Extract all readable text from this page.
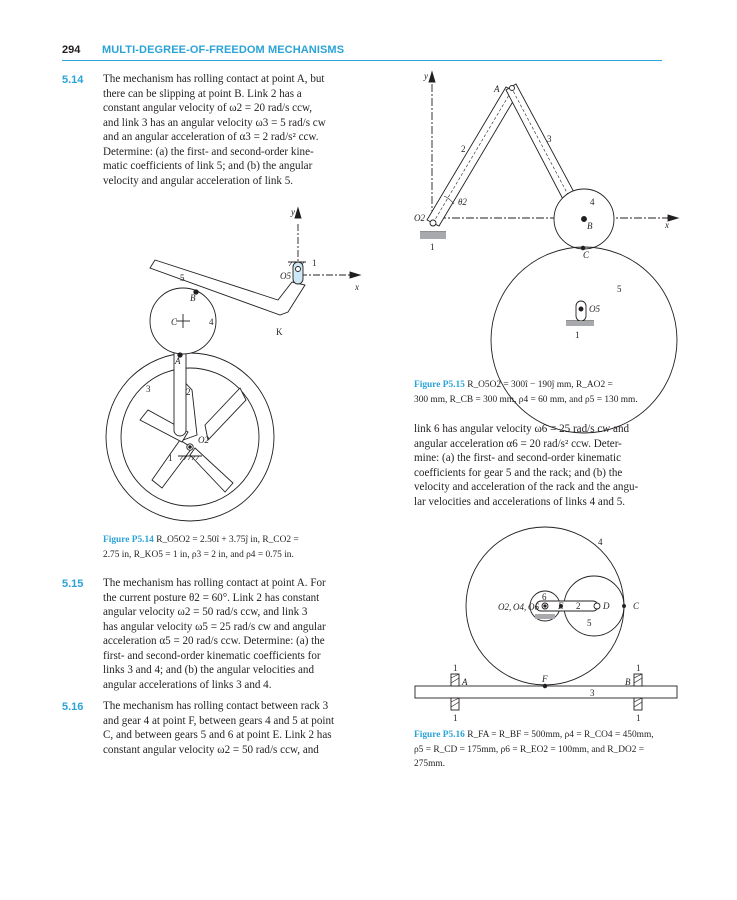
294 MULTI-DEGREE-OF-FREEDOM MECHANISMS
5.14 The mechanism has rolling contact at point A, but
there can be slipping at point B. Link 2 has a
constant angular velocity of ω2 = 20 rad/s ccw,
and link 3 has an angular velocity ω3 = 5 rad/s cw
and an angular acceleration of α3 = 2 rad/s² ccw.
Determine: (a) the first- and second-order kine-
matic coefficients of link 5; and (b) the angular
velocity and angular acceleration of link 5.
y
x
O5
1
5
B
C	4
K
A
3	2
O2
1
Figure P5.14 R_O5O2 = 2.50î + 3.75ĵ in, R_CO2 =
2.75 in, R_KO5 = 1 in, ρ3 = 2 in, and ρ4 = 0.75 in.
5.15 The mechanism has rolling contact at point A. For
the current posture θ2 = 60°. Link 2 has constant
angular velocity ω2 = 50 rad/s ccw, and link 3
has angular velocity ω5 = 25 rad/s cw and angular
acceleration α5 = 20 rad/s ccw. Determine: (a) the
first- and second-order kinematic coefficients for
links 3 and 4; and (b) the angular velocities and
angular accelerations of links 3 and 4.
5.16 The mechanism has rolling contact between rack 3
and gear 4 at point F, between gears 4 and 5 at point
C, and between gears 5 and 6 at point E. Link 2 has
constant angular velocity ω2 = 50 rad/s ccw, and
y
x
A
2
3
θ2
O2
1
4
B
C
5
O5
1
Figure P5.15 R_O5O2 = 300î − 190ĵ mm, R_AO2 =
300 mm, R_CB = 300 mm, ρ4 = 60 mm, and ρ5 = 130 mm.
link 6 has angular velocity ω6 = 25 rad/s cw and
angular acceleration α6 = 20 rad/s² ccw. Deter-
mine: (a) the first- and second-order kinematic
coefficients for gear 5 and the rack; and (b) the
velocity and acceleration of the rack and the angu-
lar velocities and accelerations of links 4 and 5.
4
6
O2, O4, O6 E 2	D	C
5
1
1
1
1
A	F	B
3
Figure P5.16 R_FA = R_BF = 500mm, ρ4 = R_CO4 = 450mm,
ρ5 = R_CD = 175mm, ρ6 = R_EO2 = 100mm, and R_DO2 =
275mm.
